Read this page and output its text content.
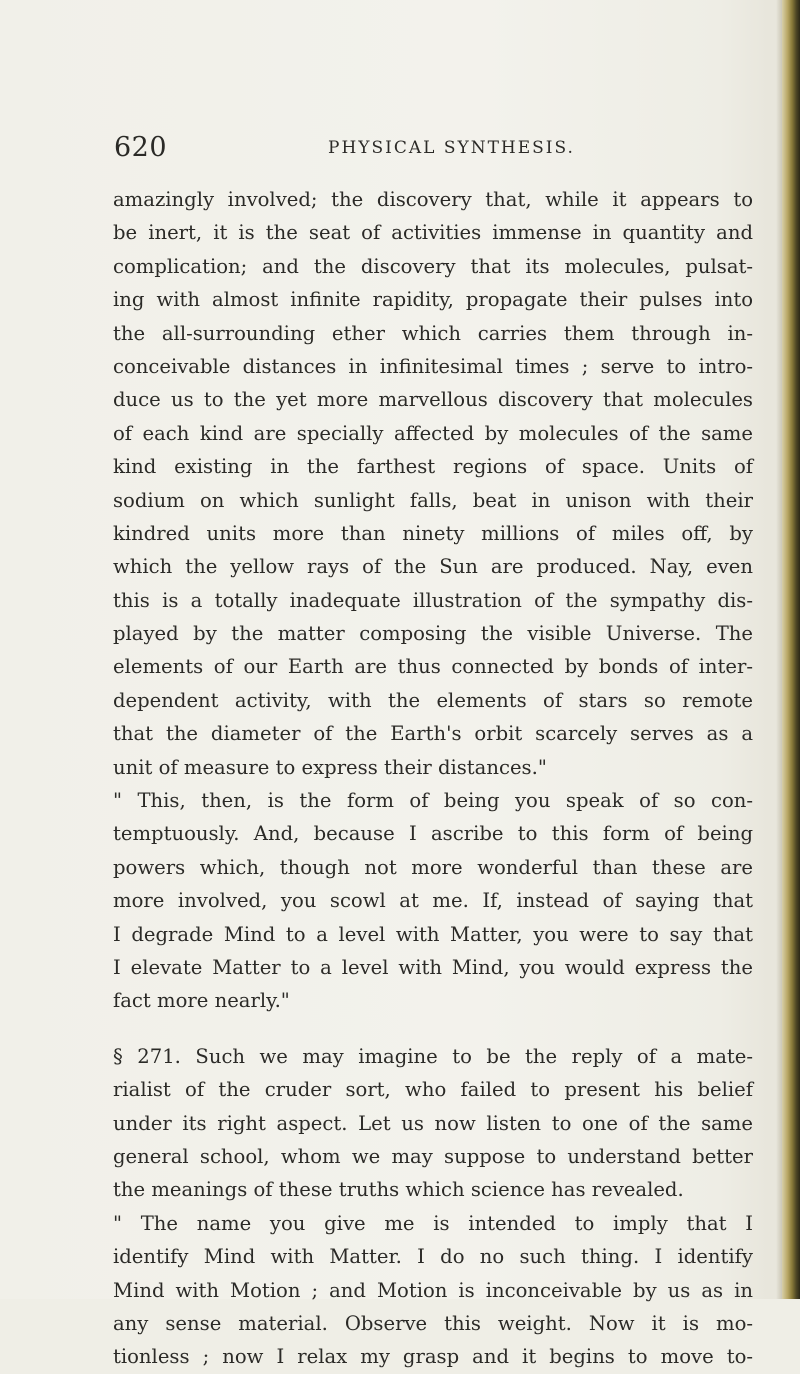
620	PHYSICAL SYNTHESIS.
amazingly involved; the discovery that, while it appears to
be inert, it is the seat of activities immense in quantity and
complication; and the discovery that its molecules, pulsat-
ing with almost infinite rapidity, propagate their pulses into
the all-surrounding ether which carries them through in-
conceivable distances in infinitesimal times ; serve to intro-
duce us to the yet more marvellous discovery that molecules
of each kind are specially affected by molecules of the same
kind existing in the farthest regions of space. Units of
sodium on which sunlight falls, beat in unison with their
kindred units more than ninety millions of miles off, by
which the yellow rays of the Sun are produced. Nay, even
this is a totally inadequate illustration of the sympathy dis-
played by the matter composing the visible Universe. The
elements of our Earth are thus connected by bonds of inter-
dependent activity, with the elements of stars so remote
that the diameter of the Earth's orbit scarcely serves as a
unit of measure to express their distances."
" This, then, is the form of being you speak of so con-
temptuously. And, because I ascribe to this form of being
powers which, though not more wonderful than these are
more involved, you scowl at me. If, instead of saying that
I degrade Mind to a level with Matter, you were to say that
I elevate Matter to a level with Mind, you would express the
fact more nearly."
§ 271. Such we may imagine to be the reply of a mate-
rialist of the cruder sort, who failed to present his belief
under its right aspect. Let us now listen to one of the same
general school, whom we may suppose to understand better
the meanings of these truths which science has revealed.
" The name you give me is intended to imply that I
identify Mind with Matter. I do no such thing. I identify
Mind with Motion ; and Motion is inconceivable by us as in
any sense material. Observe this weight. Now it is mo-
tionless ; now I relax my grasp and it begins to move to-
